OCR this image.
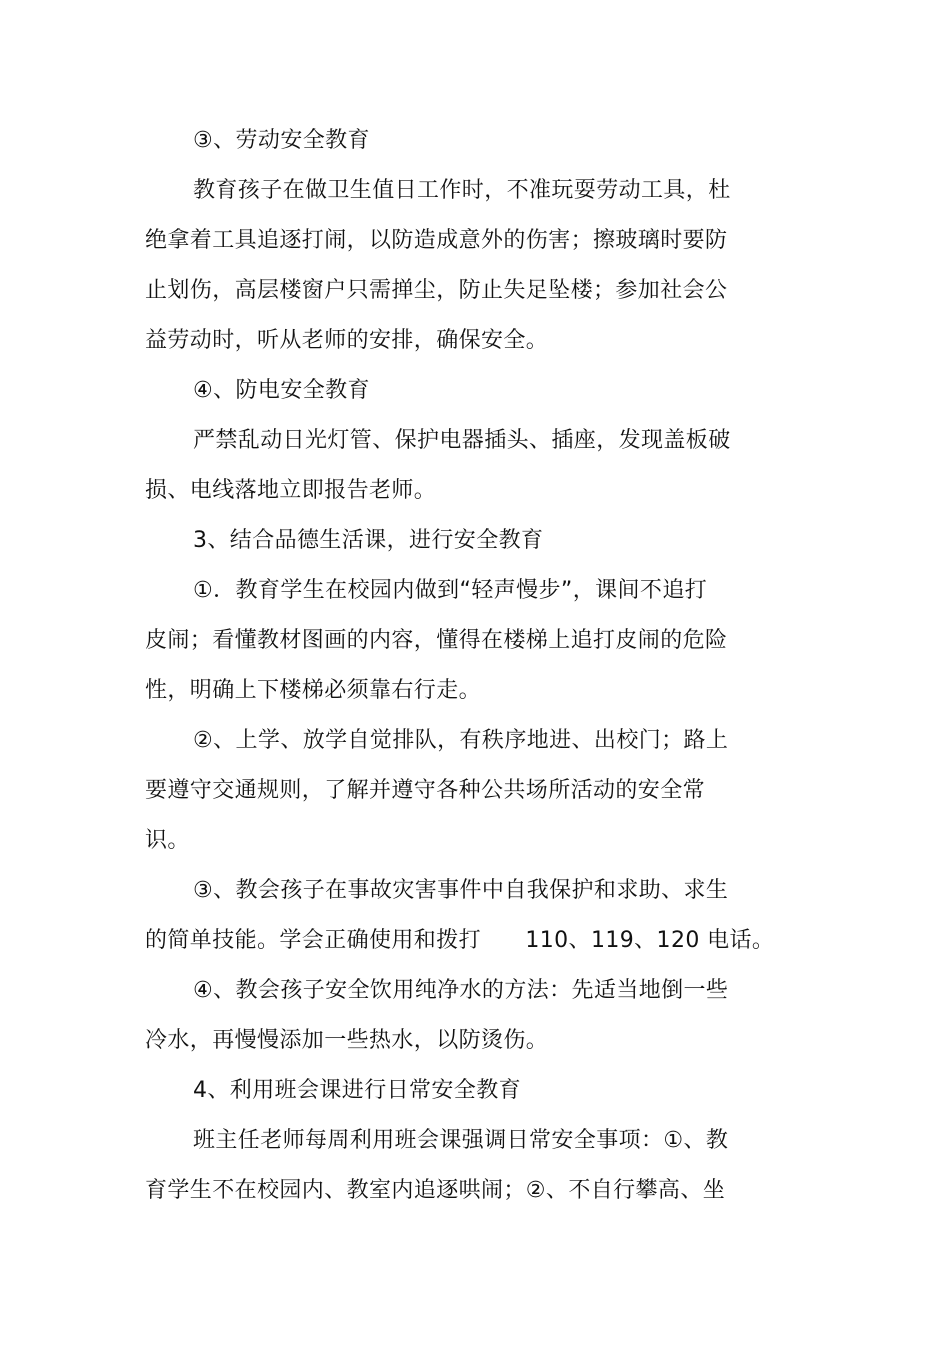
③、劳动安全教育
教育孩子在做卫生值日工作时，不准玩耍劳动工具，杜
绝拿着工具追逐打闹，以防造成意外的伤害；擦玻璃时要防
止划伤，高层楼窗户只需掸尘，防止失足坠楼；参加社会公
益劳动时，听从老师的安排，确保安全。
④、防电安全教育
严禁乱动日光灯管、保护电器插头、插座，发现盖板破
损、电线落地立即报告老师。
3、结合品德生活课，进行安全教育
①．教育学生在校园内做到“轻声慢步”，课间不追打
皮闹；看懂教材图画的内容，懂得在楼梯上追打皮闹的危险
性，明确上下楼梯必须靠右行走。
②、上学、放学自觉排队，有秩序地进、出校门；路上
要遵守交通规则，了解并遵守各种公共场所活动的安全常
识。
③、教会孩子在事故灾害事件中自我保护和求助、求生
的简单技能。学会正确使用和拨打      110、119、120 电话。
④、教会孩子安全饮用纯净水的方法：先适当地倒一些
冷水，再慢慢添加一些热水，以防烫伤。
4、利用班会课进行日常安全教育
班主任老师每周利用班会课强调日常安全事项：①、教
育学生不在校园内、教室内追逐哄闹；②、不自行攀高、坐
